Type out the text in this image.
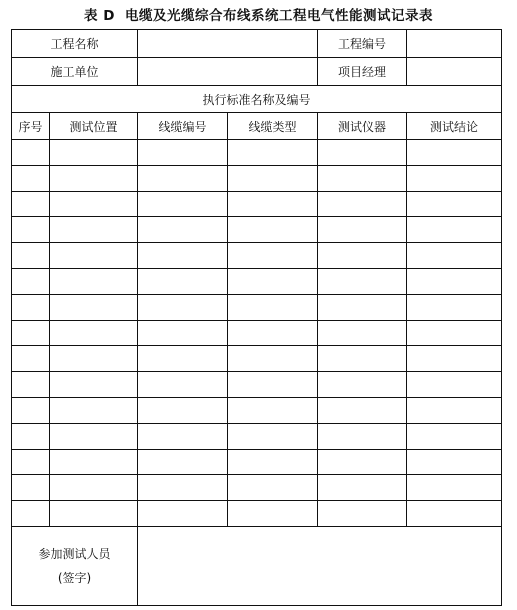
表 D 电缆及光缆综合布线系统工程电气性能测试记录表
工程名称				工程编号	
施工单位				项目经理	
执行标准名称及编号					
序号	测试位置	线缆编号	线缆类型	测试仪器	测试结论

参加测试人员
(签字)					
